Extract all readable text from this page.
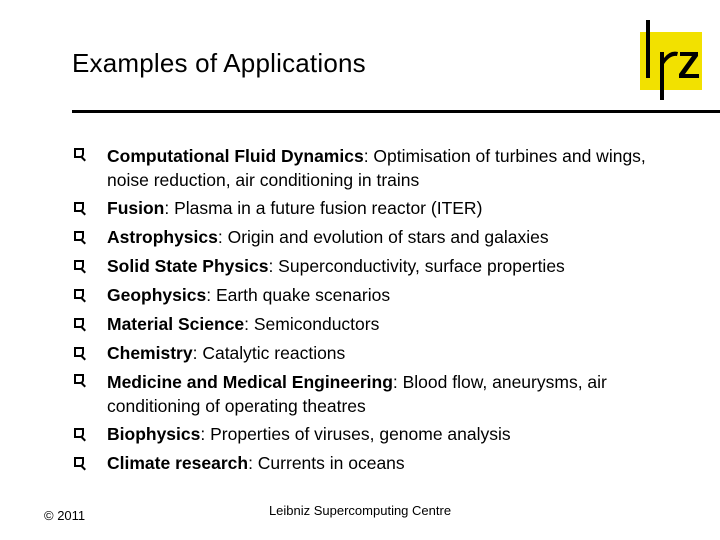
Examples of Applications
Computational Fluid Dynamics: Optimisation of turbines and wings, noise reduction, air conditioning in trains
Fusion: Plasma in a future fusion reactor (ITER)
Astrophysics: Origin and evolution of stars and galaxies
Solid State Physics: Superconductivity, surface properties
Geophysics: Earth quake scenarios
Material Science: Semiconductors
Chemistry: Catalytic reactions
Medicine and Medical Engineering: Blood flow, aneurysms, air conditioning of operating theatres
Biophysics: Properties of viruses, genome analysis
Climate research: Currents in oceans
© 2011	Leibniz Supercomputing Centre
